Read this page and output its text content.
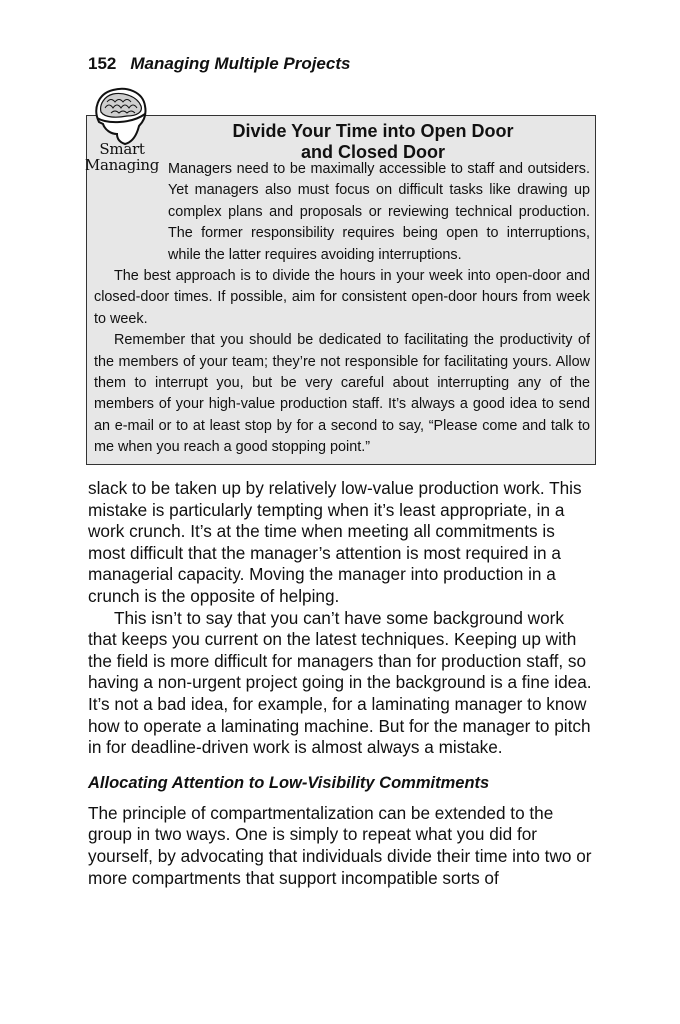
152 Managing Multiple Projects
Smart
Managing
Divide Your Time into Open Door
and Closed Door

Managers need to be maximally accessible to staff and outsiders. Yet managers also must focus on difficult tasks like drawing up complex plans and proposals or reviewing technical production. The former responsibility requires being open to interruptions, while the latter requires avoiding interruptions.

The best approach is to divide the hours in your week into open-door and closed-door times. If possible, aim for consistent open-door hours from week to week.

Remember that you should be dedicated to facilitating the productivity of the members of your team; they’re not responsible for facilitating yours. Allow them to interrupt you, but be very careful about interrupting any of the members of your high-value production staff. It’s always a good idea to send an e-mail or to at least stop by for a second to say, “Please come and talk to me when you reach a good stopping point.”

slack to be taken up by relatively low-value production work. This mistake is particularly tempting when it’s least appropriate, in a work crunch. It’s at the time when meeting all commitments is most difficult that the manager’s attention is most required in a managerial capacity. Moving the manager into production in a crunch is the opposite of helping.

This isn’t to say that you can’t have some background work that keeps you current on the latest techniques. Keeping up with the field is more difficult for managers than for production staff, so having a non-urgent project going in the background is a fine idea. It’s not a bad idea, for example, for a laminating manager to know how to operate a laminating machine. But for the manager to pitch in for deadline-driven work is almost always a mistake.

Allocating Attention to Low-Visibility Commitments

The principle of compartmentalization can be extended to the group in two ways. One is simply to repeat what you did for yourself, by advocating that individuals divide their time into two or more compartments that support incompatible sorts of
